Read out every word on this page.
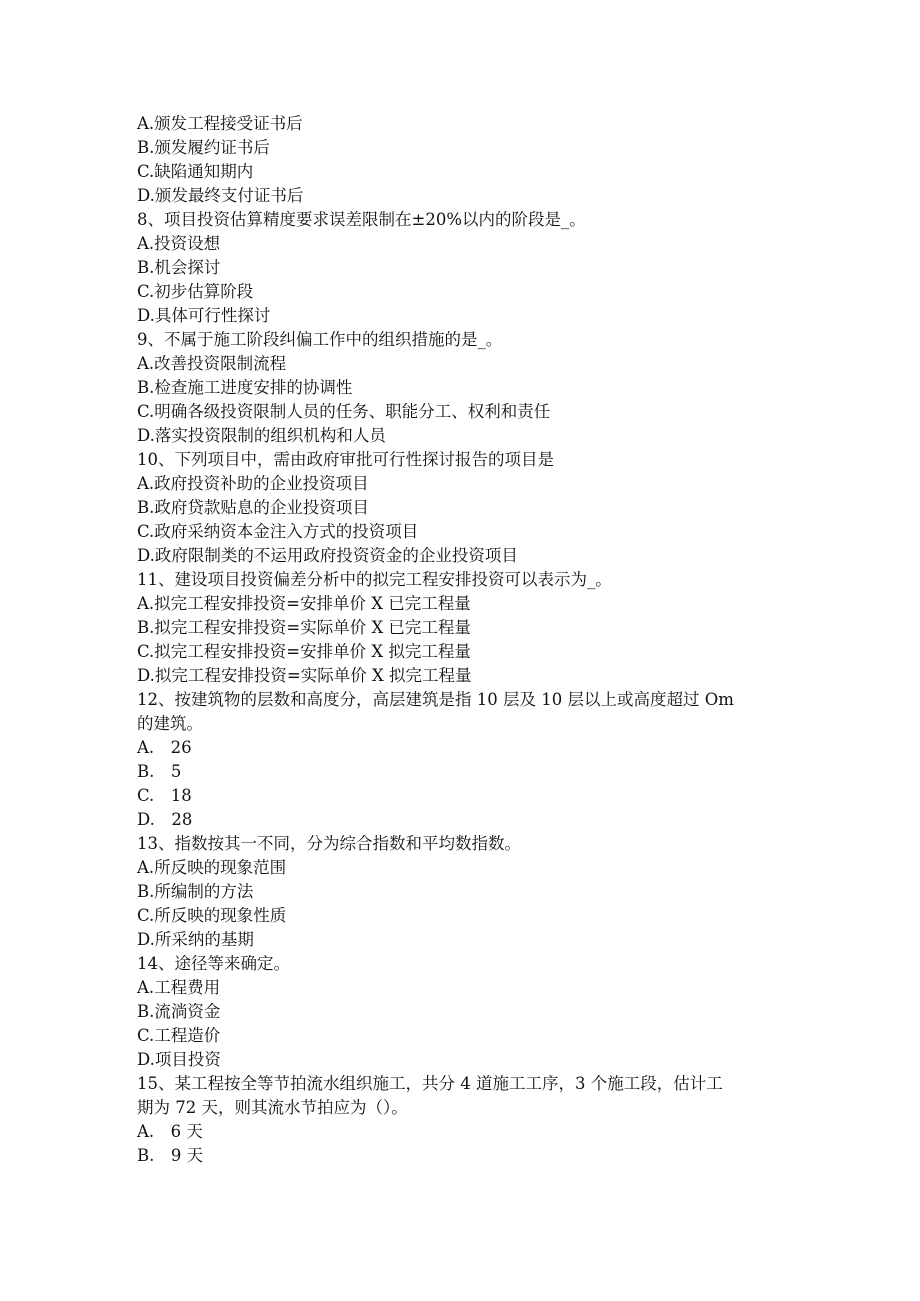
A.颁发工程接受证书后
B.颁发履约证书后
C.缺陷通知期内
D.颁发最终支付证书后
8、项目投资估算精度要求误差限制在±20%以内的阶段是_。
A.投资设想
B.机会探讨
C.初步估算阶段
D.具体可行性探讨
9、不属于施工阶段纠偏工作中的组织措施的是_。
A.改善投资限制流程
B.检查施工进度安排的协调性
C.明确各级投资限制人员的任务、职能分工、权利和责任
D.落实投资限制的组织机构和人员
10、下列项目中，需由政府审批可行性探讨报告的项目是
A.政府投资补助的企业投资项目
B.政府贷款贴息的企业投资项目
C.政府采纳资本金注入方式的投资项目
D.政府限制类的不运用政府投资资金的企业投资项目
11、建设项目投资偏差分析中的拟完工程安排投资可以表示为_。
A.拟完工程安排投资=安排单价 X 已完工程量
B.拟完工程安排投资=实际单价 X 已完工程量
C.拟完工程安排投资=安排单价 X 拟完工程量
D.拟完工程安排投资=实际单价 X 拟完工程量
12、按建筑物的层数和高度分，高层建筑是指 10 层及 10 层以上或高度超过 Om
的建筑。
A.　26
B.　5
C.　18
D.　28
13、指数按其一不同，分为综合指数和平均数指数。
A.所反映的现象范围
B.所编制的方法
C.所反映的现象性质
D.所采纳的基期
14、途径等来确定。
A.工程费用
B.流淌资金
C.工程造价
D.项目投资
15、某工程按全等节拍流水组织施工，共分 4 道施工工序，3 个施工段，估计工
期为 72 天，则其流水节拍应为（）。
A.　6 天
B.　9 天
